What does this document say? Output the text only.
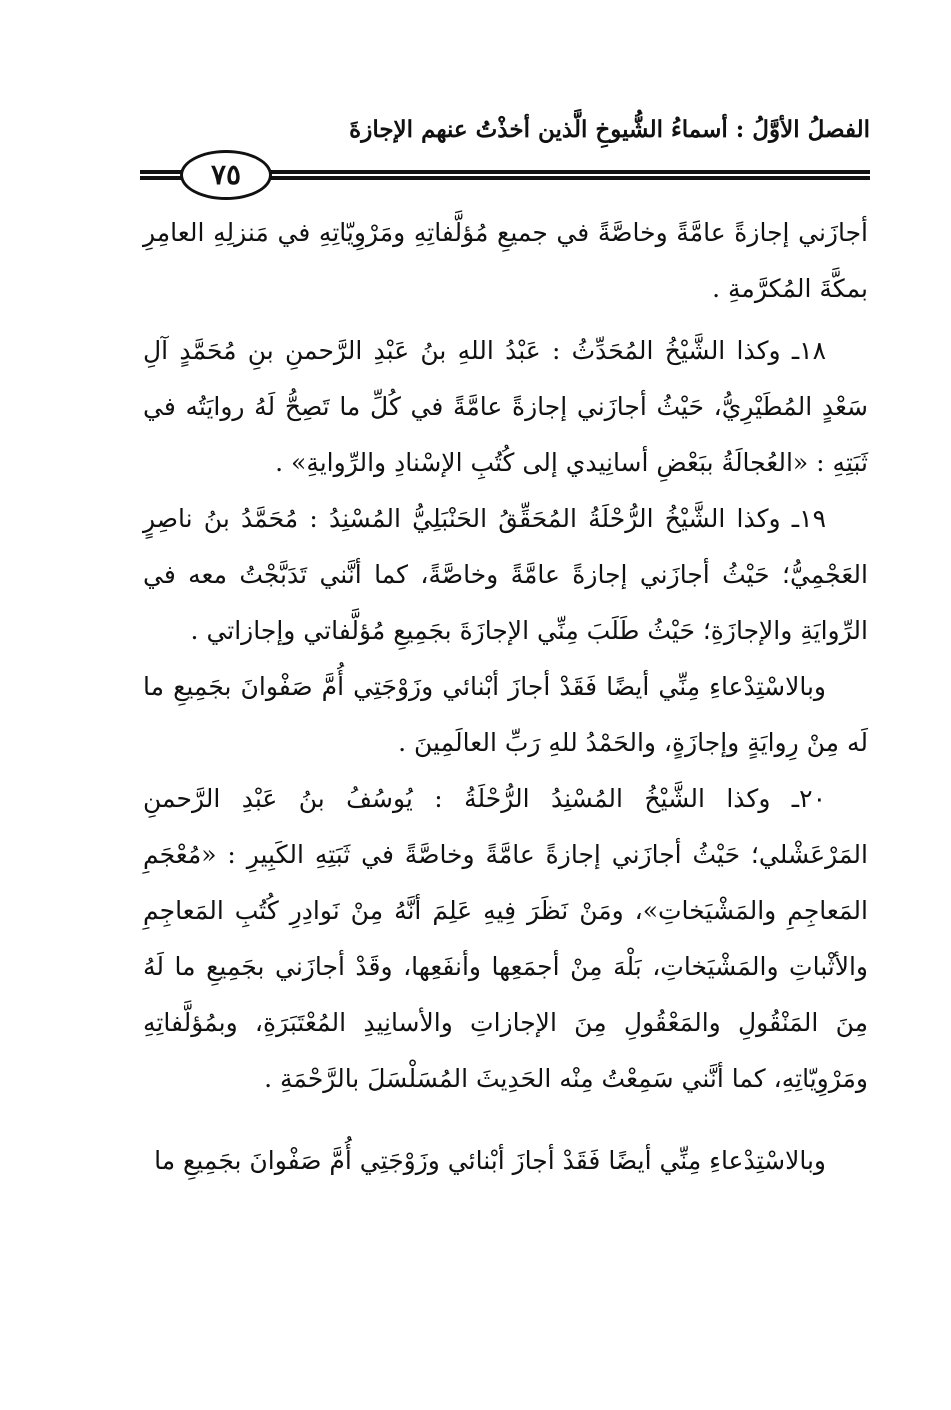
الفصلُ الأوَّلُ : أسماءُ الشُّيوخِ الَّذين أخذْتُ عنهم الإجازةَ
٧٥

أجازَني إجازةً عامَّةً وخاصَّةً في جميعِ مُؤلَّفاتِهِ ومَرْوِيّاتِهِ في مَنزلِهِ العامِرِ بمكَّةَ المُكرَّمةِ .

١٨ـ وكذا الشَّيْخُ المُحَدِّثُ : عَبْدُ اللهِ بنُ عَبْدِ الرَّحمنِ بنِ مُحَمَّدٍ آلِ سَعْدٍ المُطَيْرِيُّ، حَيْثُ أجازَني إجازةً عامَّةً في كُلِّ ما تَصِحُّ لَهُ روايَتُه في ثَبَتِهِ : «العُجالَةُ ببَعْضِ أسانِيدي إلى كُتُبِ الإسْنادِ والرِّوايةِ» .

١٩ـ وكذا الشَّيْخُ الرُّحْلَةُ المُحَقِّقُ الحَنْبَلِيُّ المُسْنِدُ : مُحَمَّدُ بنُ ناصِرٍ العَجْمِيُّ؛ حَيْثُ أجازَني إجازةً عامَّةً وخاصَّةً، كما أنَّني تَدَبَّجْتُ معه في الرِّوايَةِ والإجازَةِ؛ حَيْثُ طَلَبَ مِنِّي الإجازَةَ بجَمِيعِ مُؤلَّفاتي وإجازاتي .

وبالاسْتِدْعاءِ مِنِّي أيضًا فَقَدْ أجازَ أبْنائي وزَوْجَتِي أُمَّ صَفْوانَ بجَمِيعِ ما لَه مِنْ رِوايَةٍ وإجازَةٍ، والحَمْدُ للهِ رَبِّ العالَمِينَ .

٢٠ـ وكذا الشَّيْخُ المُسْنِدُ الرُّحْلَةُ : يُوسُفُ بنُ عَبْدِ الرَّحمنِ المَرْعَشْلي؛ حَيْثُ أجازَني إجازةً عامَّةً وخاصَّةً في ثَبَتِهِ الكَبِيرِ : «مُعْجَمِ المَعاجِمِ والمَشْيَخاتِ»، ومَنْ نَظَرَ فِيهِ عَلِمَ أنَّهُ مِنْ نَوادِرِ كُتُبِ المَعاجِمِ والأثْباتِ والمَشْيَخاتِ، بَلْهَ مِنْ أجمَعِها وأنفَعِها، وقَدْ أجازَني بجَمِيعِ ما لَهُ مِنَ المَنْقُولِ والمَعْقُولِ مِنَ الإجازاتِ والأسانِيدِ المُعْتَبَرَةِ، وبمُؤلَّفاتِهِ ومَرْوِيّاتِهِ، كما أنَّني سَمِعْتُ مِنْه الحَدِيثَ المُسَلْسَلَ بالرَّحْمَةِ .

وبالاسْتِدْعاءِ مِنِّي أيضًا فَقَدْ أجازَ أبْنائي وزَوْجَتِي أُمَّ صَفْوانَ بجَمِيعِ ما
